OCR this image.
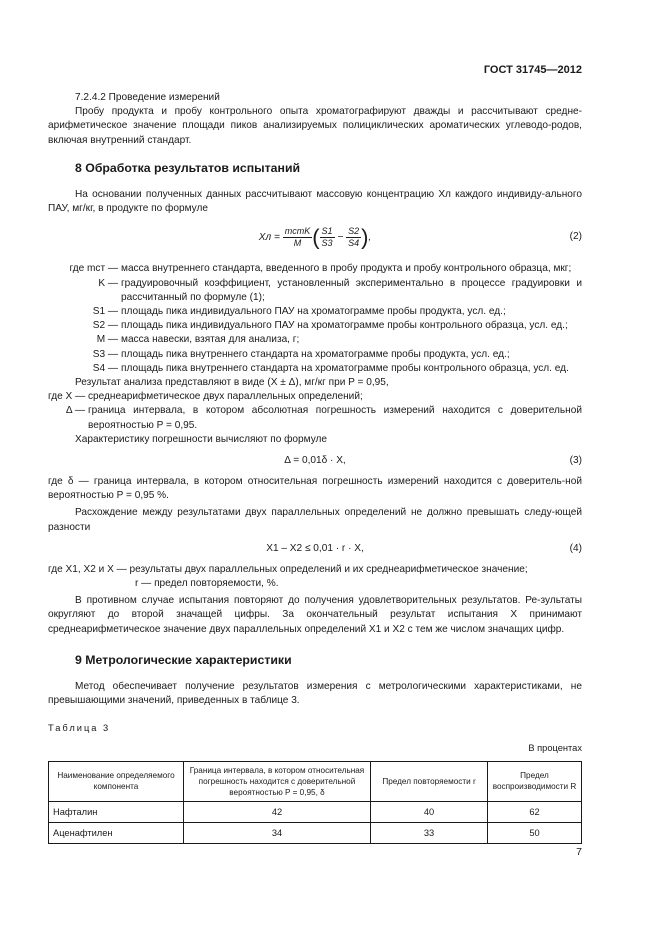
ГОСТ 31745—2012

7.2.4.2 Проведение измерений

Пробу продукта и пробу контрольного опыта хроматографируют дважды и рассчитывают средне-арифметическое значение площади пиков анализируемых полициклических ароматических углеводо-родов, включая внутренний стандарт.

8 Обработка результатов испытаний

На основании полученных данных рассчитывают массовую концентрацию Xл каждого индивиду-ального ПАУ, мг/кг, в продукте по формуле

Xл = $\frac{\text{mстK}}{M}$ ( $\frac{S1}{S3} - \frac{S2}{S4}$ ),	(2)

где mст — масса внутреннего стандарта, введенного в пробу продукта и пробу контрольного образца, мкг;

K — градуировочный коэффициент, установленный экспериментально в процессе градуировки и рассчитанный по формуле (1);

S1 — площадь пика индивидуального ПАУ на хроматограмме пробы продукта, усл. ед.;

S2 — площадь пика индивидуального ПАУ на хроматограмме пробы контрольного образца, усл. ед.;

M — масса навески, взятая для анализа, г;

S3 — площадь пика внутреннего стандарта на хроматограмме пробы продукта, усл. ед.;

S4 — площадь пика внутреннего стандарта на хроматограмме пробы контрольного образца, усл. ед.

Результат анализа представляют в виде (X ± Δ), мг/кг при P = 0,95,

где X — среднеарифметическое двух параллельных определений;

Δ — граница интервала, в котором абсолютная погрешность измерений находится с доверительной вероятностью P = 0,95.

Характеристику погрешности вычисляют по формуле

Δ = 0,01δ · X,	(3)

где δ — граница интервала, в котором относительная погрешность измерений находится с доверитель-ной вероятностью P = 0,95 %.

Расхождение между результатами двух параллельных определений не должно превышать следу-ющей разности

X1 – X2 ≤ 0,01 · r · X,	(4)

где X1, X2 и X — результаты двух параллельных определений и их среднеарифметическое значение;

r — предел повторяемости, %.

В противном случае испытания повторяют до получения удовлетворительных результатов. Ре-зультаты округляют до второй значащей цифры. За окончательный результат испытания X принимают среднеарифметическое значение двух параллельных определений X1 и X2 с тем же числом значащих цифр.

9 Метрологические характеристики

Метод обеспечивает получение результатов измерения с метрологическими характеристиками, не превышающими значений, приведенных в таблице 3.

Таблица 3
В процентах
Наименование определяемого компонента	Граница интервала, в котором относительная погрешность находится с доверительной вероятностью P = 0,95, δ	Предел повторяемости r	Предел воспроизводимости R
Нафталин	42	40	62
Аценафтилен	34	33	50
7
